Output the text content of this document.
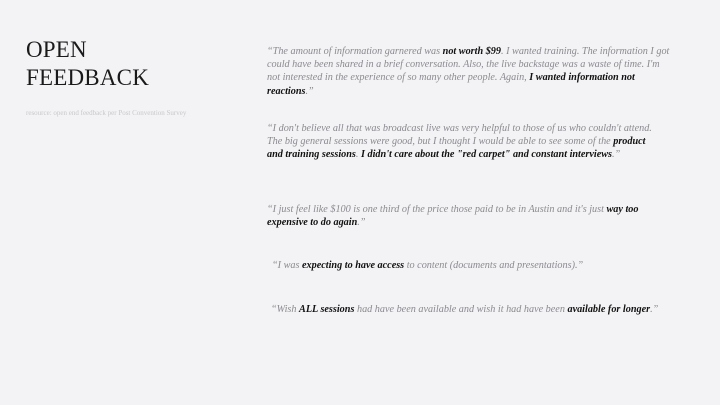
OPEN
FEEDBACK
resource: open end feedback per Post Convention Survey
“The amount of information garnered was not worth $99. I wanted training. The information I got could have been shared in a brief conversation. Also, the live backstage was a waste of time. I'm not interested in the experience of so many other people. Again, I wanted information not reactions.”
“I don't believe all that was broadcast live was very helpful to those of us who couldn't attend. The big general sessions were good, but I thought I would be able to see some of the product and training sessions. I didn't care about the "red carpet" and constant interviews.”
“I just feel like $100 is one third of the price those paid to be in Austin and it's just way too expensive to do again.”
“I was expecting to have access to content (documents and presentations).”
“Wish ALL sessions had have been available and wish it had have been available for longer.”
